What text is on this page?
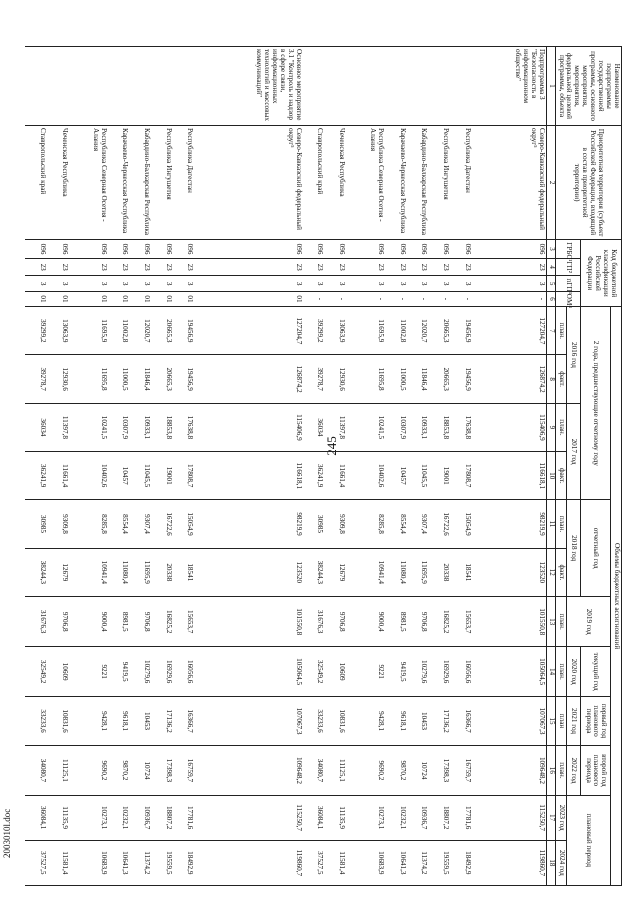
245
2003010l.doc
Наименование подпрограммы государственной программы, основного мероприятия, мероприятия, федеральной целевой программы, объекта	Приоритетная территория (субъект Российской Федерации, входящий в состав приоритетной территории)	Код бюджетной классификации Российской Федерации				Объемы бюджетных ассигнований											
						2 года, предшествующие отчетному году				отчетный год		2019 год	текущий год	первый год планового периода	второй год планового периода	плановый период	
		ГРБС¹	ГП²	пГП³	ОМ⁴	2016 год		2017 год		2018 год			2020 год	2021 год	2022 год		
						план.	факт.	план.	факт.	план.	факт.	план.	план.	план	план.	2023 год	2024 год
1	2	3	4	5	6	7	8	9	10	11	12	13	14	15	16	17	18
Подпрограмма 3 "Безопасность в информационном обществе"	Северо-Кавказский федеральный округ⁵	096	23	3	-	127204,7	126874,2	115406,9	116618,1	98219,9	123520	101550,8	105064,5	107067,3	109648,2	115250,7	119860,7
	Республика Дагестан	096	23	3	-	19456,9	19456,9	17638,8	17808,7	15054,9	18541	15653,7	16056,6	16366,7	16759,7	17781,6	18492,9
	Республика Ингушетия	096	23	3	-	20665,3	20665,3	18853,8	19001	16722,6	20338	16825,2	16929,6	17136,2	17398,3	18807,2	19559,5
	Кабардино-Балкарская Республика	096	23	3	-	12020,7	11846,4	10933,1	11045,5	9307,4	11695,9	9706,8	10279,6	10453	10724	10936,7	11374,2
	Карачаево-Черкесская Республика	096	23	3	-	11002,8	11000,5	10307,9	10457	8554,4	11080,4	8981,5	9419,5	9618,1	9870,2	10232,1	10641,3
	Республика Северная Осетия - Алания	096	23	3	-	11695,9	11695,8	10241,5	10402,6	8285,8	10941,4	9000,4	9221	9428,1	9690,2	10273,1	10683,9
	Чеченская Республика	096	23	3	-	13063,9	12930,6	11397,8	11661,4	9309,8	12679	9706,8	10609	10831,6	11125,1	11135,9	11581,4
	Ставропольский край	096	23	3	-	39299,2	39278,7	36034	36241,9	30985	38244,3	31676,3	32549,2	33233,6	34080,7	36084,1	37527,5
Основное мероприятие 3.1 "Контроль и надзор в сфере связи, информационных технологий и массовых коммуникаций"	Северо-Кавказский федеральный округ⁵	096	23	3	01	127204,7	126874,2	115406,9	116618,1	98219,9	123520	101550,8	105064,5	107067,3	109648,2	115250,7	119860,7
	Республика Дагестан	096	23	3	01	19456,9	19456,9	17638,8	17808,7	15054,9	18541	15653,7	16056,6	16366,7	16759,7	17781,6	18492,9
	Республика Ингушетия	096	23	3	01	20665,3	20665,3	18853,8	19001	16722,6	20338	16825,2	16929,6	17136,2	17398,3	18807,2	19559,5
	Кабардино-Балкарская Республика	096	23	3	01	12020,7	11846,4	10933,1	11045,5	9307,4	11695,9	9706,8	10279,6	10453	10724	10936,7	11374,2
	Карачаево-Черкесская Республика	096	23	3	01	11002,8	11000,5	10307,9	10457	8554,4	11080,4	8981,5	9419,5	9618,1	9870,2	10232,1	10641,3
	Республика Северная Осетия - Алания	096	23	3	01	11695,9	11695,8	10241,5	10402,6	8285,8	10941,4	9000,4	9221	9428,1	9690,2	10273,1	10683,9
	Чеченская Республика	096	23	3	01	13063,9	12930,6	11397,8	11661,4	9309,8	12679	9706,8	10609	10831,6	11125,1	11135,9	11581,4
	Ставропольский край	096	23	3	01	39299,2	39278,7	36034	36241,9	30985	38244,3	31676,3	32549,2	33233,6	34080,7	36084,1	37527,5
